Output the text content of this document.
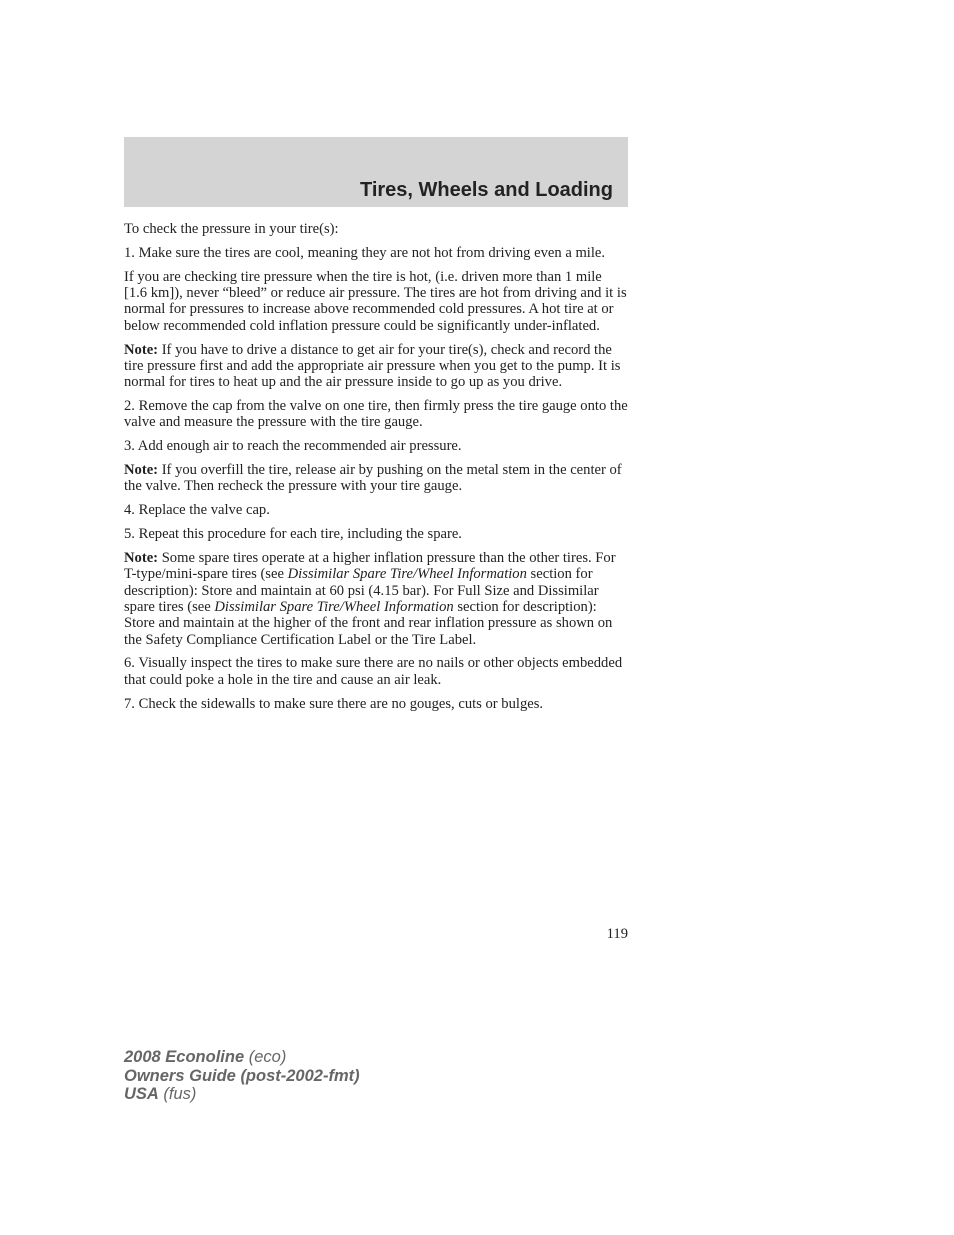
Tires, Wheels and Loading

To check the pressure in your tire(s):

1. Make sure the tires are cool, meaning they are not hot from driving even a mile.

If you are checking tire pressure when the tire is hot, (i.e. driven more than 1 mile [1.6 km]), never “bleed” or reduce air pressure. The tires are hot from driving and it is normal for pressures to increase above recommended cold pressures. A hot tire at or below recommended cold inflation pressure could be significantly under-inflated.

Note: If you have to drive a distance to get air for your tire(s), check and record the tire pressure first and add the appropriate air pressure when you get to the pump. It is normal for tires to heat up and the air pressure inside to go up as you drive.

2. Remove the cap from the valve on one tire, then firmly press the tire gauge onto the valve and measure the pressure with the tire gauge.

3. Add enough air to reach the recommended air pressure.

Note: If you overfill the tire, release air by pushing on the metal stem in the center of the valve. Then recheck the pressure with your tire gauge.

4. Replace the valve cap.

5. Repeat this procedure for each tire, including the spare.

Note: Some spare tires operate at a higher inflation pressure than the other tires. For T-type/mini-spare tires (see Dissimilar Spare Tire/Wheel Information section for description): Store and maintain at 60 psi (4.15 bar). For Full Size and Dissimilar spare tires (see Dissimilar Spare Tire/Wheel Information section for description): Store and maintain at the higher of the front and rear inflation pressure as shown on the Safety Compliance Certification Label or the Tire Label.

6. Visually inspect the tires to make sure there are no nails or other objects embedded that could poke a hole in the tire and cause an air leak.

7. Check the sidewalls to make sure there are no gouges, cuts or bulges.

119
2008 Econoline (eco)
Owners Guide (post-2002-fmt)
USA (fus)
